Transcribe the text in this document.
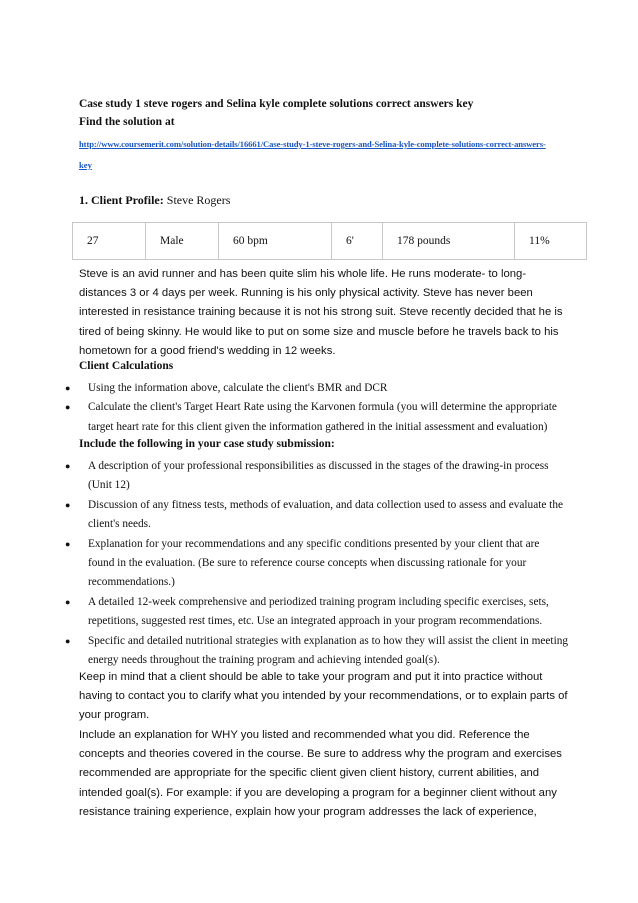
Case study 1 steve rogers and Selina kyle complete solutions correct answers key
Find the solution at
http://www.coursemerit.com/solution-details/16661/Case-study-1-steve-rogers-and-Selina-kyle-complete-solutions-correct-answers-
key
1. Client Profile: Steve Rogers
27	Male	60 bpm	6'	178 pounds	11%
Steve is an avid runner and has been quite slim his whole life. He runs moderate- to long-distances 3 or 4 days per week. Running is his only physical activity. Steve has never been interested in resistance training because it is not his strong suit. Steve recently decided that he is tired of being skinny. He would like to put on some size and muscle before he travels back to his hometown for a good friend's wedding in 12 weeks.
Client Calculations
● Using the information above, calculate the client's BMR and DCR
● Calculate the client's Target Heart Rate using the Karvonen formula (you will determine the appropriate target heart rate for this client given the information gathered in the initial assessment and evaluation)
Include the following in your case study submission:
● A description of your professional responsibilities as discussed in the stages of the drawing-in process (Unit 12)
● Discussion of any fitness tests, methods of evaluation, and data collection used to assess and evaluate the client's needs.
● Explanation for your recommendations and any specific conditions presented by your client that are found in the evaluation. (Be sure to reference course concepts when discussing rationale for your recommendations.)
● A detailed 12-week comprehensive and periodized training program including specific exercises, sets, repetitions, suggested rest times, etc. Use an integrated approach in your program recommendations.
● Specific and detailed nutritional strategies with explanation as to how they will assist the client in meeting energy needs throughout the training program and achieving intended goal(s).
Keep in mind that a client should be able to take your program and put it into practice without having to contact you to clarify what you intended by your recommendations, or to explain parts of your program.
Include an explanation for WHY you listed and recommended what you did. Reference the concepts and theories covered in the course. Be sure to address why the program and exercises recommended are appropriate for the specific client given client history, current abilities, and intended goal(s). For example: if you are developing a program for a beginner client without any resistance training experience, explain how your program addresses the lack of experience,
